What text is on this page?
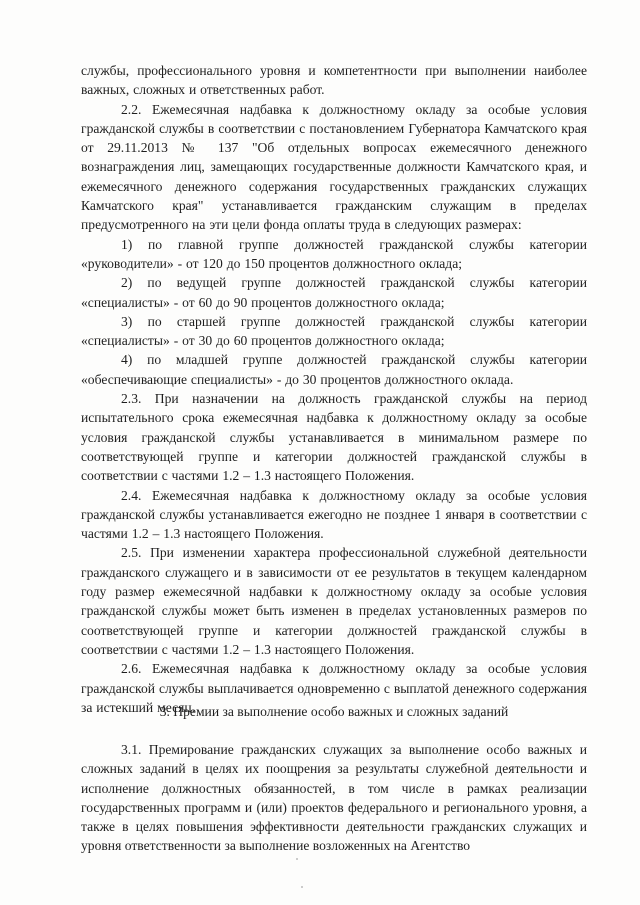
службы, профессионального уровня и компетентности при выполнении наиболее важных, сложных и ответственных работ.

2.2. Ежемесячная надбавка к должностному окладу за особые условия гражданской службы в соответствии с постановлением Губернатора Камчатского края от 29.11.2013 № 137 "Об отдельных вопросах ежемесячного денежного вознаграждения лиц, замещающих государственные должности Камчатского края, и ежемесячного денежного содержания государственных гражданских служащих Камчатского края" устанавливается гражданским служащим в пределах предусмотренного на эти цели фонда оплаты труда в следующих размерах:

1) по главной группе должностей гражданской службы категории «руководители» - от 120 до 150 процентов должностного оклада;

2) по ведущей группе должностей гражданской службы категории «специалисты» - от 60 до 90 процентов должностного оклада;

3) по старшей группе должностей гражданской службы категории «специалисты» - от 30 до 60 процентов должностного оклада;

4) по младшей группе должностей гражданской службы категории «обеспечивающие специалисты» - до 30 процентов должностного оклада.

2.3. При назначении на должность гражданской службы на период испытательного срока ежемесячная надбавка к должностному окладу за особые условия гражданской службы устанавливается в минимальном размере по соответствующей группе и категории должностей гражданской службы в соответствии с частями 1.2 – 1.3 настоящего Положения.

2.4. Ежемесячная надбавка к должностному окладу за особые условия гражданской службы устанавливается ежегодно не позднее 1 января в соответствии с частями 1.2 – 1.3 настоящего Положения.

2.5. При изменении характера профессиональной служебной деятельности гражданского служащего и в зависимости от ее результатов в текущем календарном году размер ежемесячной надбавки к должностному окладу за особые условия гражданской службы может быть изменен в пределах установленных размеров по соответствующей группе и категории должностей гражданской службы в соответствии с частями 1.2 – 1.3 настоящего Положения.

2.6. Ежемесячная надбавка к должностному окладу за особые условия гражданской службы выплачивается одновременно с выплатой денежного содержания за истекший месяц.

3. Премии за выполнение особо важных и сложных заданий

3.1. Премирование гражданских служащих за выполнение особо важных и сложных заданий в целях их поощрения за результаты служебной деятельности и исполнение должностных обязанностей, в том числе в рамках реализации государственных программ и (или) проектов федерального и регионального уровня, а также в целях повышения эффективности деятельности гражданских служащих и уровня ответственности за выполнение возложенных на Агентство
